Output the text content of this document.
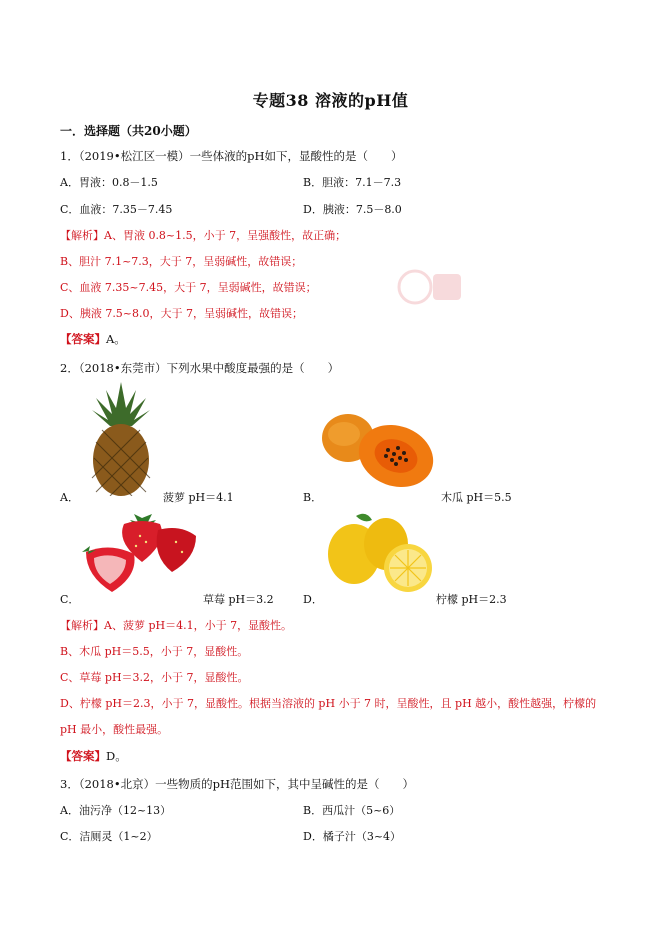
专题38 溶液的pH值
一．选择题（共20小题）
1．（2019•松江区一模）一些体液的pH如下，显酸性的是（　　）
A．胃液：0.8－1.5	B．胆液：7.1－7.3
C．血液：7.35－7.45	D．胰液：7.5－8.0
【解析】A、胃液 0.8~1.5，小于 7，呈强酸性，故正确；
B、胆汁 7.1~7.3，大于 7，呈弱碱性，故错误；
C、血液 7.35~7.45，大于 7，呈弱碱性，故错误；
D、胰液 7.5~8.0，大于 7，呈弱碱性，故错误；
【答案】A。
2．（2018•东莞市）下列水果中酸度最强的是（　　）
A．	菠萝 pH＝4.1	B．	木瓜 pH＝5.5
C．	草莓 pH＝3.2	D．	柠檬 pH＝2.3
【解析】A、菠萝 pH＝4.1，小于 7，显酸性。
B、木瓜 pH＝5.5，小于 7，显酸性。
C、草莓 pH＝3.2，小于 7，显酸性。
D、柠檬 pH＝2.3，小于 7，显酸性。根据当溶液的 pH 小于 7 时，呈酸性，且 pH 越小，酸性越强，柠檬的
pH 最小，酸性最强。
【答案】D。
3．（2018•北京）一些物质的pH范围如下，其中呈碱性的是（　　）
A．油污净（12~13）	B．西瓜汁（5~6）
C．洁厕灵（1~2）	D．橘子汁（3~4）
